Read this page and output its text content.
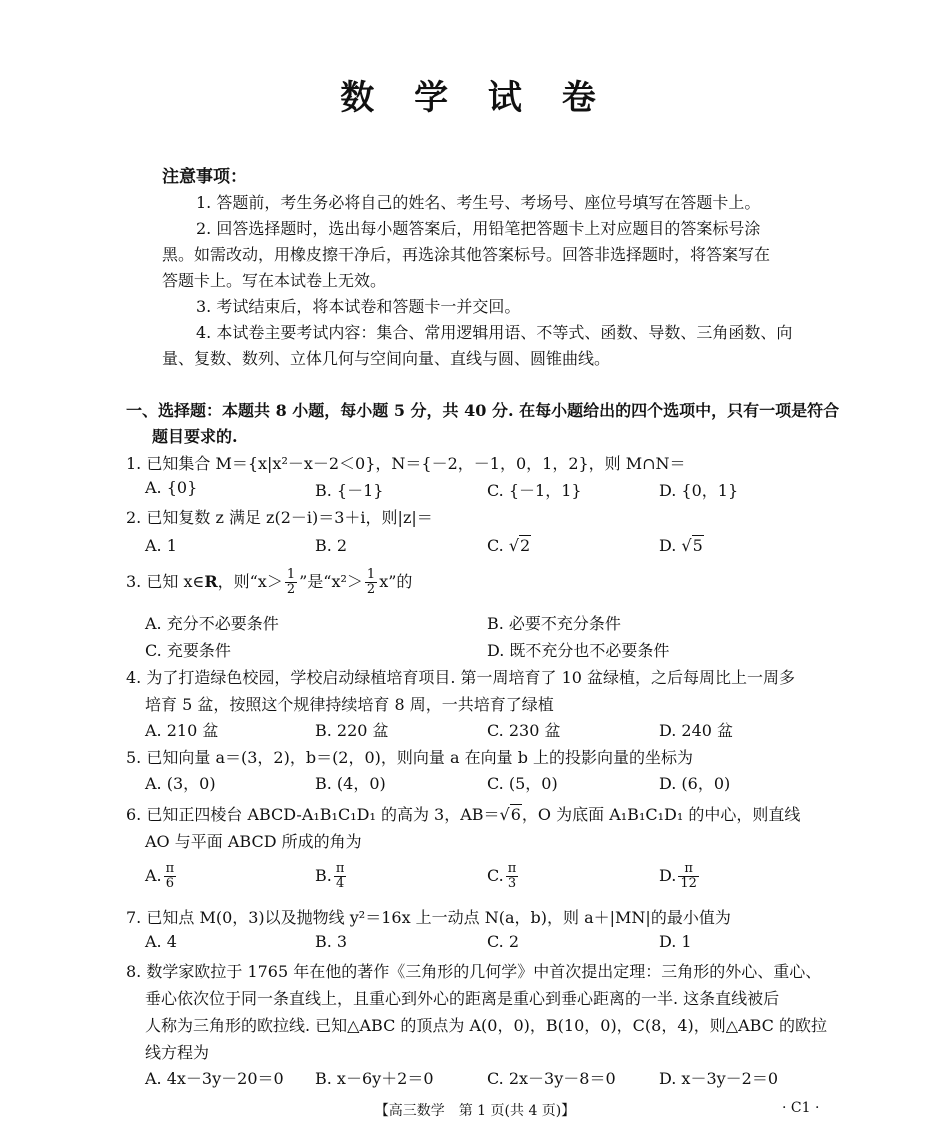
数 学 试 卷
注意事项：
1. 答题前，考生务必将自己的姓名、考生号、考场号、座位号填写在答题卡上。
2. 回答选择题时，选出每小题答案后，用铅笔把答题卡上对应题目的答案标号涂
黑。如需改动，用橡皮擦干净后，再选涂其他答案标号。回答非选择题时，将答案写在
答题卡上。写在本试卷上无效。
3. 考试结束后，将本试卷和答题卡一并交回。
4. 本试卷主要考试内容：集合、常用逻辑用语、不等式、函数、导数、三角函数、向
量、复数、数列、立体几何与空间向量、直线与圆、圆锥曲线。
一、选择题：本题共 8 小题，每小题 5 分，共 40 分. 在每小题给出的四个选项中，只有一项是符合
题目要求的.
1. 已知集合 M＝{x|x²－x－2＜0}，N＝{－2，－1，0，1，2}，则 M∩N＝
A. {0}	B. {－1}	C. {－1，1}	D. {0，1}
2. 已知复数 z 满足 z(2－i)＝3＋i，则|z|＝
A. 1	B. 2	C. √2	D. √5
3. 已知 x∈R，则“$x> \frac{1}{2}$ ”是“$x^2> \frac{1}{2} x$”的
A. 充分不必要条件	B. 必要不充分条件
C. 充要条件	D. 既不充分也不必要条件
4. 为了打造绿色校园，学校启动绿植培育项目. 第一周培育了 10 盆绿植，之后每周比上一周多
培育 5 盆，按照这个规律持续培育 8 周，一共培育了绿植
A. 210 盆	B. 220 盆	C. 230 盆	D. 240 盆
5. 已知向量 a＝(3，2)，b＝(2，0)，则向量 a 在向量 b 上的投影向量的坐标为
A. (3，0)	B. (4，0)	C. (5，0)	D. (6，0)
6. 已知正四棱台 ABCD-A₁B₁C₁D₁ 的高为 3，AB＝√6，O 为底面 A₁B₁C₁D₁ 的中心，则直线
AO 与平面 ABCD 所成的角为
A. $\frac{\pi}{6}$	B. $\frac{\pi}{4}$	C. $\frac{\pi}{3}$	D. $\frac{\pi}{12}$
7. 已知点 M(0，3)以及抛物线 y²＝16x 上一动点 N(a，b)，则 a＋|MN|的最小值为
A. 4	B. 3	C. 2	D. 1
8. 数学家欧拉于 1765 年在他的著作《三角形的几何学》中首次提出定理：三角形的外心、重心、
垂心依次位于同一条直线上，且重心到外心的距离是重心到垂心距离的一半. 这条直线被后
人称为三角形的欧拉线. 已知△ABC 的顶点为 A(0，0)，B(10，0)，C(8，4)，则△ABC 的欧拉
线方程为
A. 4x－3y－20＝0 B. x－6y＋2＝0	C. 2x－3y－8＝0	D. x－3y－2＝0
【高三数学　第 1 页(共 4 页)】	· C1 ·
